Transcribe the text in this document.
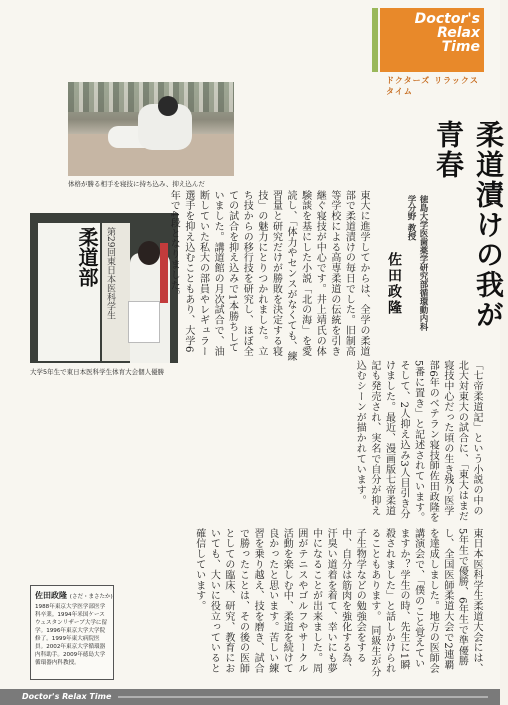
Doctor's
Relax
Time
ドクターズ リラックス タイム
体格が勝る相手を寝技に持ち込み、抑え込んだ
柔道部 第29回東日本医科学生
大学5年生で東日本医科学生体育大会個人優勝
柔道漬けの我が青春
徳島大学医歯薬学研究部循環動内科学分野 教授
佐田政隆
東大に進学してからは、全学の柔道部で柔道漬けの毎日でした。旧制高等学校による高専柔道の伝統を引き継ぐ寝技が中心です。井上靖氏の体験談を基にした小説「北の海」を愛読し、「体力やセンスがなくても、練習量と研究だけが勝敗を決定する寝技」の魅力にとりつかれました。立ち技からの移行技を研究し、ほぼ全ての試合を抑え込みで1本勝ちしていました。講道館の月次試合で、油断していた私大の部員やレギュラー選手を抑え込むこともあり、大学6年で4段となりました。
「七帝柔道記」という小説の中の北大対東大の試合に、「東大はまだ寝技中心だった頃の生き残り医学部6年のベテラン寝技師佐田政隆を5番に置き」と記述されています。そして、2人抑え込み3人目引き分けました。最近、漫画版七帝柔道記も発売され、実名で自分が抑え込むシーンが描かれています。
東日本医科学生柔道大会には、5年生で優勝、6年生で準優勝し、全国医師柔道大会で2連覇を達成しました。地方の医師会講演会で、「僕のこと覚えていますか？学生の時、先生に1瞬殺されました」と話しかけられることもあります。 同級生が分子生物学などの勉強会をする中、自分は筋肉を強化する為、汗臭い道着を着て、幸いにも夢中になることが出来ました。周囲がテニスやゴルフやサークル活動を楽しむ中、柔道を続けて良かったと思います。苦しい練習を乗り越え、技を磨き、試合で勝ったことは、その後の医師としての臨床、研究、教育においても、大いに役立っていると確信しています。
佐田政隆 (さだ・まさたか)
1988年東京大学医学部医学科卒業。1994年米国ケースウェスタンリザーブ大学に留学。1996年東京大学大学院修了。1999年東大病院医員。2002年東京大学循環器内科助手。2009年徳島大学循環器内科教授。
Doctor's Relax Time
